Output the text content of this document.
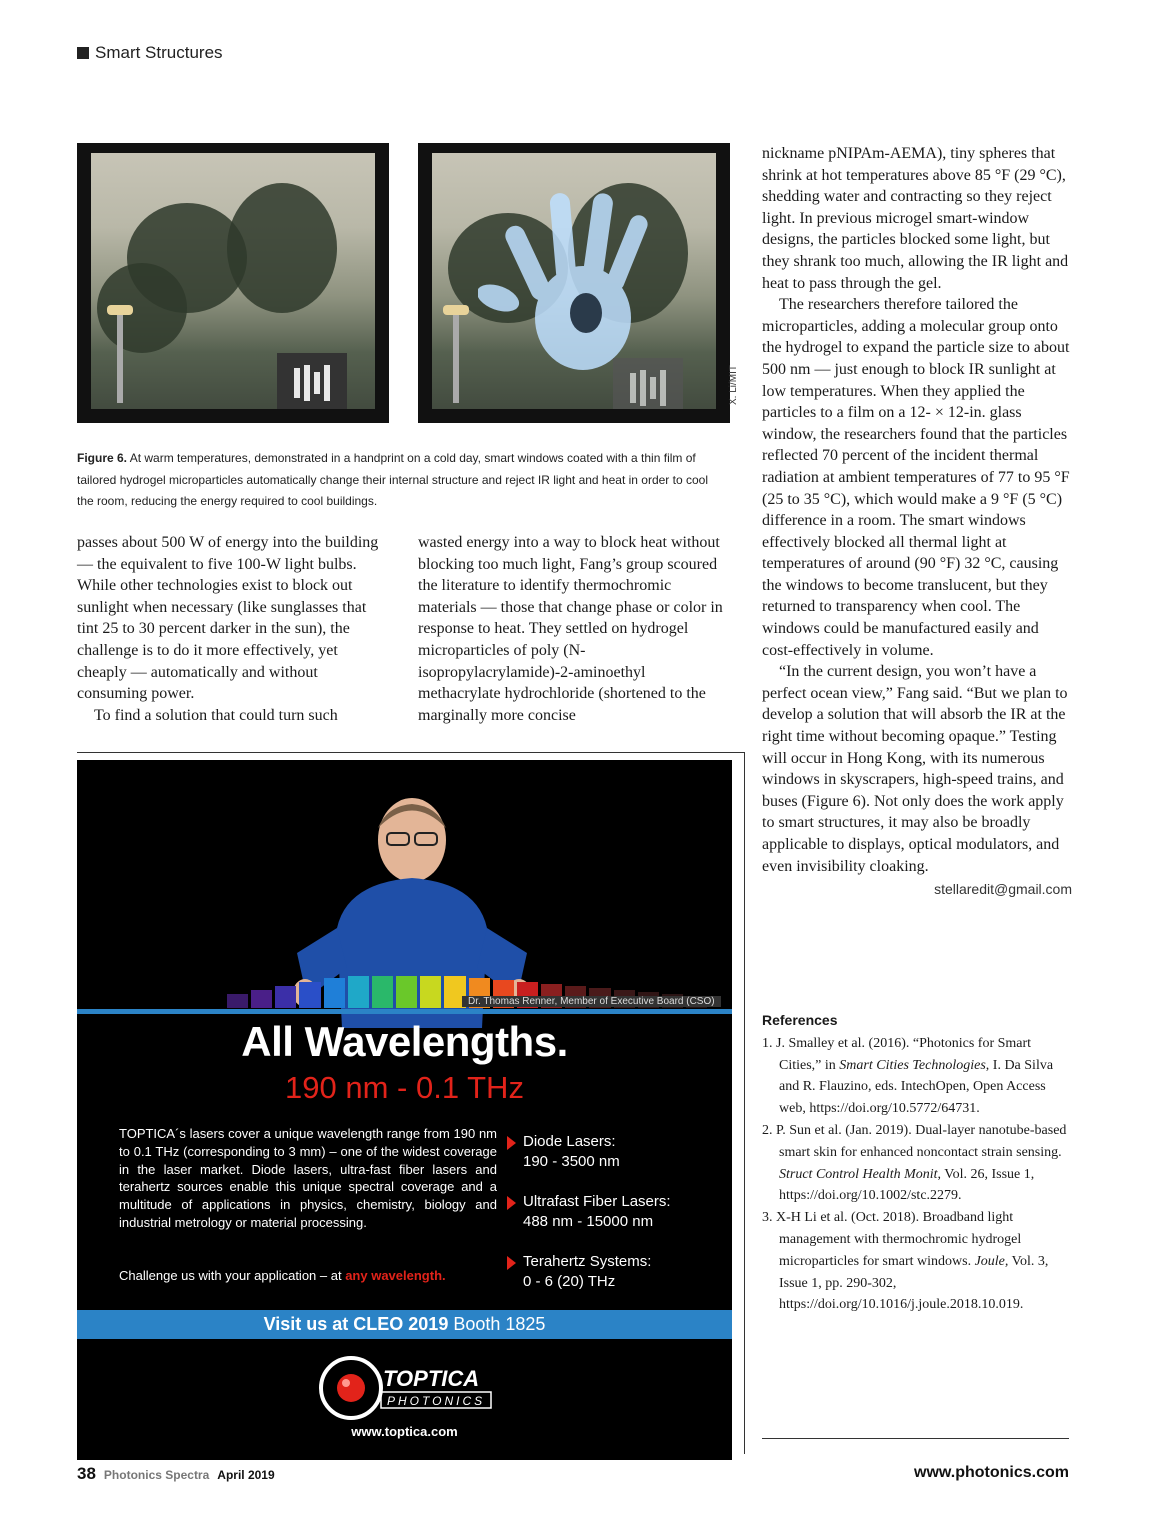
Smart Structures
X. Li/MIT
Figure 6. At warm temperatures, demonstrated in a handprint on a cold day, smart windows coated with a thin film of tailored hydrogel microparticles automatically change their internal structure and reject IR light and heat in order to cool the room, reducing the energy required to cool buildings.

passes about 500 W of energy into the building — the equivalent to five 100-W light bulbs. While other technologies exist to block out sunlight when necessary (like sunglasses that tint 25 to 30 percent darker in the sun), the challenge is to do it more effectively, yet cheaply — automatically and without consuming power.

To find a solution that could turn such

wasted energy into a way to block heat without blocking too much light, Fang’s group scoured the literature to identify thermochromic materials — those that change phase or color in response to heat. They settled on hydrogel microparticles of poly (N-isopropylacrylamide)-2-aminoethyl methacrylate hydrochloride (shortened to the marginally more concise

nickname pNIPAm-AEMA), tiny spheres that shrink at hot temperatures above 85 °F (29 °C), shedding water and contracting so they reject light. In previous microgel smart-window designs, the particles blocked some light, but they shrank too much, allowing the IR light and heat to pass through the gel.

The researchers therefore tailored the microparticles, adding a molecular group onto the hydrogel to expand the particle size to about 500 nm — just enough to block IR sunlight at low temperatures. When they applied the particles to a film on a 12- × 12-in. glass window, the researchers found that the particles reflected 70 percent of the incident thermal radiation at ambient temperatures of 77 to 95 °F (25 to 35 °C), which would make a 9 °F (5 °C) difference in a room. The smart windows effectively blocked all thermal light at temperatures of around (90 °F) 32 °C, causing the windows to become translucent, but they returned to transparency when cool. The windows could be manufactured easily and cost-effectively in volume.

“In the current design, you won’t have a perfect ocean view,” Fang said. “But we plan to develop a solution that will absorb the IR at the right time without becoming opaque.” Testing will occur in Hong Kong, with its numerous windows in skyscrapers, high-speed trains, and buses (Figure 6). Not only does the work apply to smart structures, it may also be broadly applicable to displays, optical modulators, and even invisibility cloaking.

stellaredit@gmail.com
References
1. J. Smalley et al. (2016). “Photonics for Smart Cities,” in Smart Cities Technologies, I. Da Silva and R. Flauzino, eds. IntechOpen, Open Access web, https://doi.org/10.5772/64731.
2. P. Sun et al. (Jan. 2019). Dual-layer nanotube-based smart skin for enhanced noncontact strain sensing. Struct Control Health Monit, Vol. 26, Issue 1, https://doi.org/10.1002/stc.2279.
3. X-H Li et al. (Oct. 2018). Broadband light management with thermochromic hydrogel microparticles for smart windows. Joule, Vol. 3, Issue 1, pp. 290-302, https://doi.org/10.1016/j.joule.2018.10.019.
Dr. Thomas Renner, Member of Executive Board (CSO)
All Wavelengths.
190 nm - 0.1 THz
TOPTICA´s lasers cover a unique wavelength range from 190 nm to 0.1 THz (corresponding to 3 mm) – one of the widest coverage in the laser market. Diode lasers, ultra-fast fiber lasers and terahertz sources enable this unique spectral coverage and a multitude of applications in physics, chemistry, biology and industrial metrology or material processing.
Challenge us with your application – at any wavelength.
Diode Lasers:
190 - 3500 nm
Ultrafast Fiber Lasers:
488 nm - 15000 nm
Terahertz Systems:
0 - 6 (20) THz
Visit us at CLEO 2019 Booth 1825
TOPTICA
PHOTONICS
www.toptica.com
38 Photonics Spectra April 2019	www.photonics.com
